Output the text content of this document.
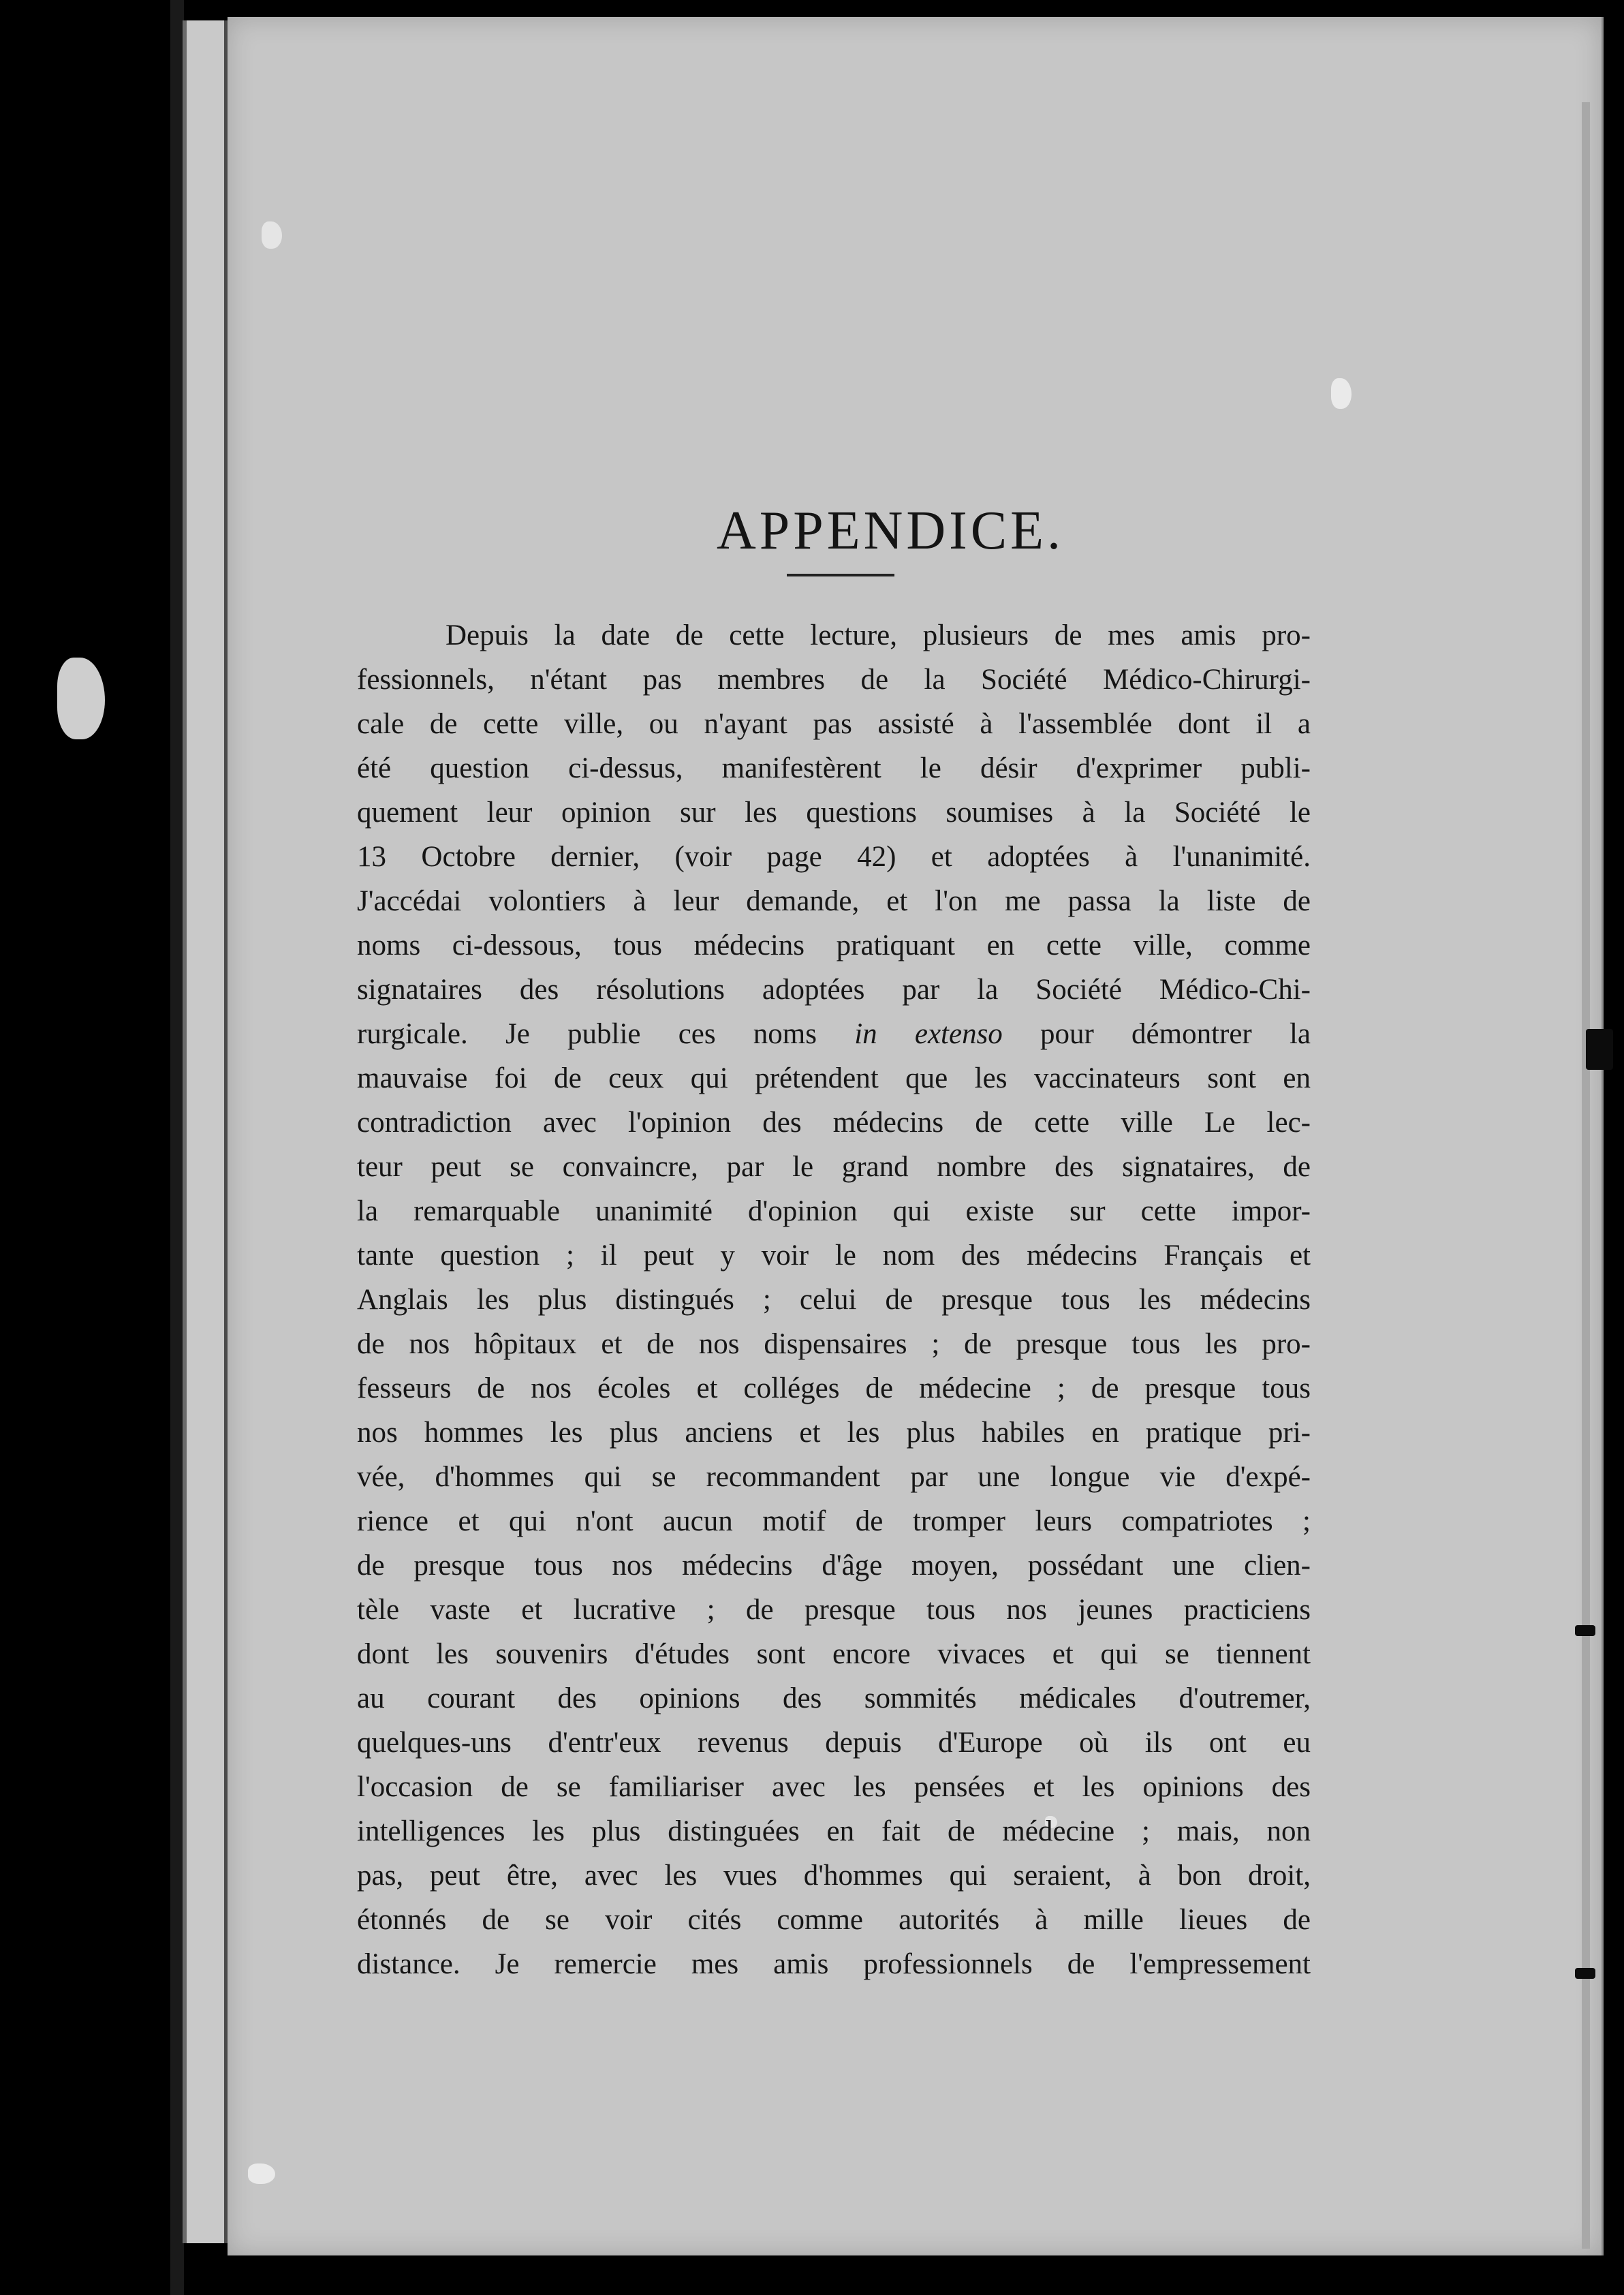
APPENDICE.
Depuis la date de cette lecture, plusieurs de mes amis pro-
fessionnels, n'étant pas membres de la Société Médico-Chirurgi-
cale de cette ville, ou n'ayant pas assisté à l'assemblée dont il a
été question ci-dessus, manifestèrent le désir d'exprimer publi-
quement leur opinion sur les questions soumises à la Société le
13 Octobre dernier, (voir page 42) et adoptées à l'unanimité.
J'accédai volontiers à leur demande, et l'on me passa la liste de
noms ci-dessous, tous médecins pratiquant en cette ville, comme
signataires des résolutions adoptées par la Société Médico-Chi-
rurgicale. Je publie ces noms in extenso pour démontrer la
mauvaise foi de ceux qui prétendent que les vaccinateurs sont en
contradiction avec l'opinion des médecins de cette ville Le lec-
teur peut se convaincre, par le grand nombre des signataires, de
la remarquable unanimité d'opinion qui existe sur cette impor-
tante question ; il peut y voir le nom des médecins Français et
Anglais les plus distingués ; celui de presque tous les médecins
de nos hôpitaux et de nos dispensaires ; de presque tous les pro-
fesseurs de nos écoles et colléges de médecine ; de presque tous
nos hommes les plus anciens et les plus habiles en pratique pri-
vée, d'hommes qui se recommandent par une longue vie d'expé-
rience et qui n'ont aucun motif de tromper leurs compatriotes ;
de presque tous nos médecins d'âge moyen, possédant une clien-
tèle vaste et lucrative ; de presque tous nos jeunes practiciens
dont les souvenirs d'études sont encore vivaces et qui se tiennent
au courant des opinions des sommités médicales d'outremer,
quelques-uns d'entr'eux revenus depuis d'Europe où ils ont eu
l'occasion de se familiariser avec les pensées et les opinions des
intelligences les plus distinguées en fait de médecine ; mais, non
pas, peut être, avec les vues d'hommes qui seraient, à bon droit,
étonnés de se voir cités comme autorités à mille lieues de
distance. Je remercie mes amis professionnels de l'empressement
